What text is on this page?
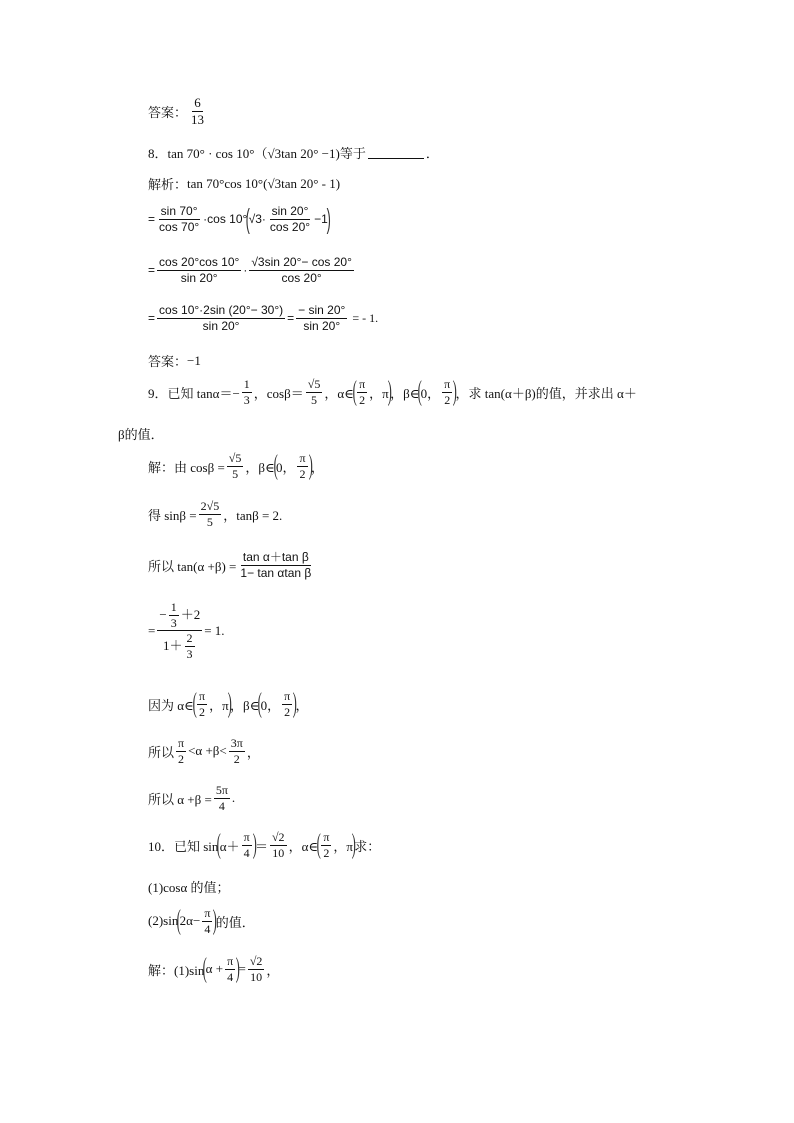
答案： $\frac{6}{13}$
8．tan 70° · cos 10°（√3tan 20° −1)等于	．
解析： tan 70°cos 10°(√3tan 20° - 1)
= $\frac{\sin 70^\circ}{\cos 70^\circ} \cdot\cos$ 10°
(
$√3\cdot \frac{\sin 20^\circ}{\cos 20^\circ} -1$
)
= $\frac{\cos 20^\circ\cos 10^\circ}{\sin 20^\circ} \cdot \frac{√3\sin 20^\circ- \cos 20^\circ}{\cos 20^\circ}$
= $\frac{\cos 10^\circ\cdot 2\sin (20^\circ- 30^\circ)}{\sin 20^\circ} = \frac{- \sin 20^\circ}{\sin 20^\circ}$ = - 1.
答案： −1
9．已知 $\tan\alpha=- \frac{1}{3}$ ，$\cos\beta= \frac{√5}{5}$ ，α∈
( $\frac{\pi}{2}$ ，π
)
，β∈
(
0， $\frac{\pi}{2}$ )
，求 tan(α＋β)的值，并求出 α＋
β的值．
解：由 $\cos\beta = \frac{√5}{5}$ ，β∈
(
0， $\frac{\pi}{2}$ )
，
得 $\sin\beta = \frac{2√5}{5}$ ，tanβ = 2.
所以 $\tan(\alpha +\beta) = \frac{\text{tan α＋tan β}}{\text{1− tan αtan β}}$
= $\frac{- \frac{1}{3} +2}{1+ \frac{2}{3}} = 1$.
因为 α∈
( $\frac{\pi}{2}$ ，π
)
，β∈
(
0， $\frac{\pi}{2}$ )
，
所以 $\frac{\pi}{2} <\alpha +\beta< \frac{3\pi}{2}$ ，
所以 $\alpha +\beta = \frac{5\pi}{4}$ .
10．已知 sin
(
$\alpha+ \frac{\pi}{4}$ )
＝ $\frac{√2}{10}$ ，α∈
( $\frac{\pi}{2}$ ，π
)
求：
(1)cosα 的值；
(2)sin
(
$2\alpha- \frac{\pi}{4}$ )
的值．
解：(1)sin
(
$\alpha + \frac{\pi}{4}$ )
= $\frac{√2}{10}$ ，
